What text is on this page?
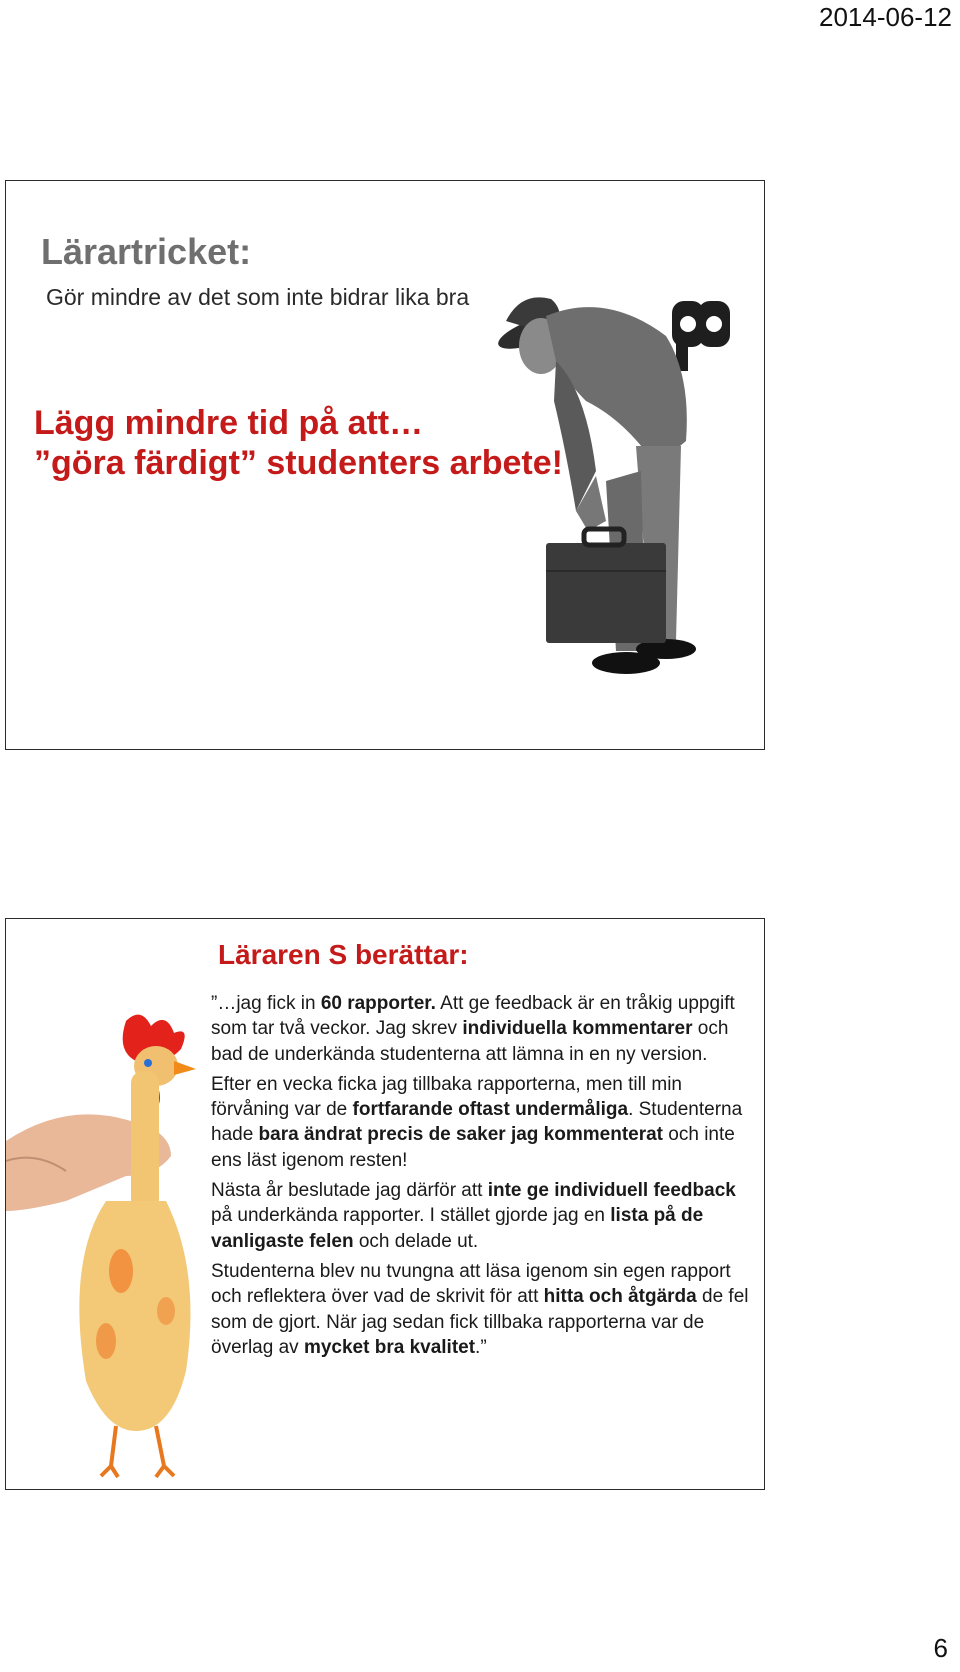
2014-06-12
Lärartricket:
Gör mindre av det som inte bidrar lika bra
Lägg mindre tid på att…
”göra färdigt” studenters arbete!
Läraren S berättar:

”…jag fick in 60 rapporter. Att ge feedback är en tråkig uppgift som tar två veckor. Jag skrev individuella kommentarer och bad de underkända studenterna att lämna in en ny version.

Efter en vecka ficka jag tillbaka rapporterna, men till min förvåning var de fortfarande oftast undermåliga. Studenterna hade bara ändrat precis de saker jag kommenterat och inte ens läst igenom resten!

Nästa år beslutade jag därför att inte ge individuell feedback på underkända rapporter. I stället gjorde jag en lista på de vanligaste felen och delade ut.

Studenterna blev nu tvungna att läsa igenom sin egen rapport och reflektera över vad de skrivit för att hitta och åtgärda de fel som de gjort. När jag sedan fick tillbaka rapporterna var de överlag av mycket bra kvalitet.”

6
